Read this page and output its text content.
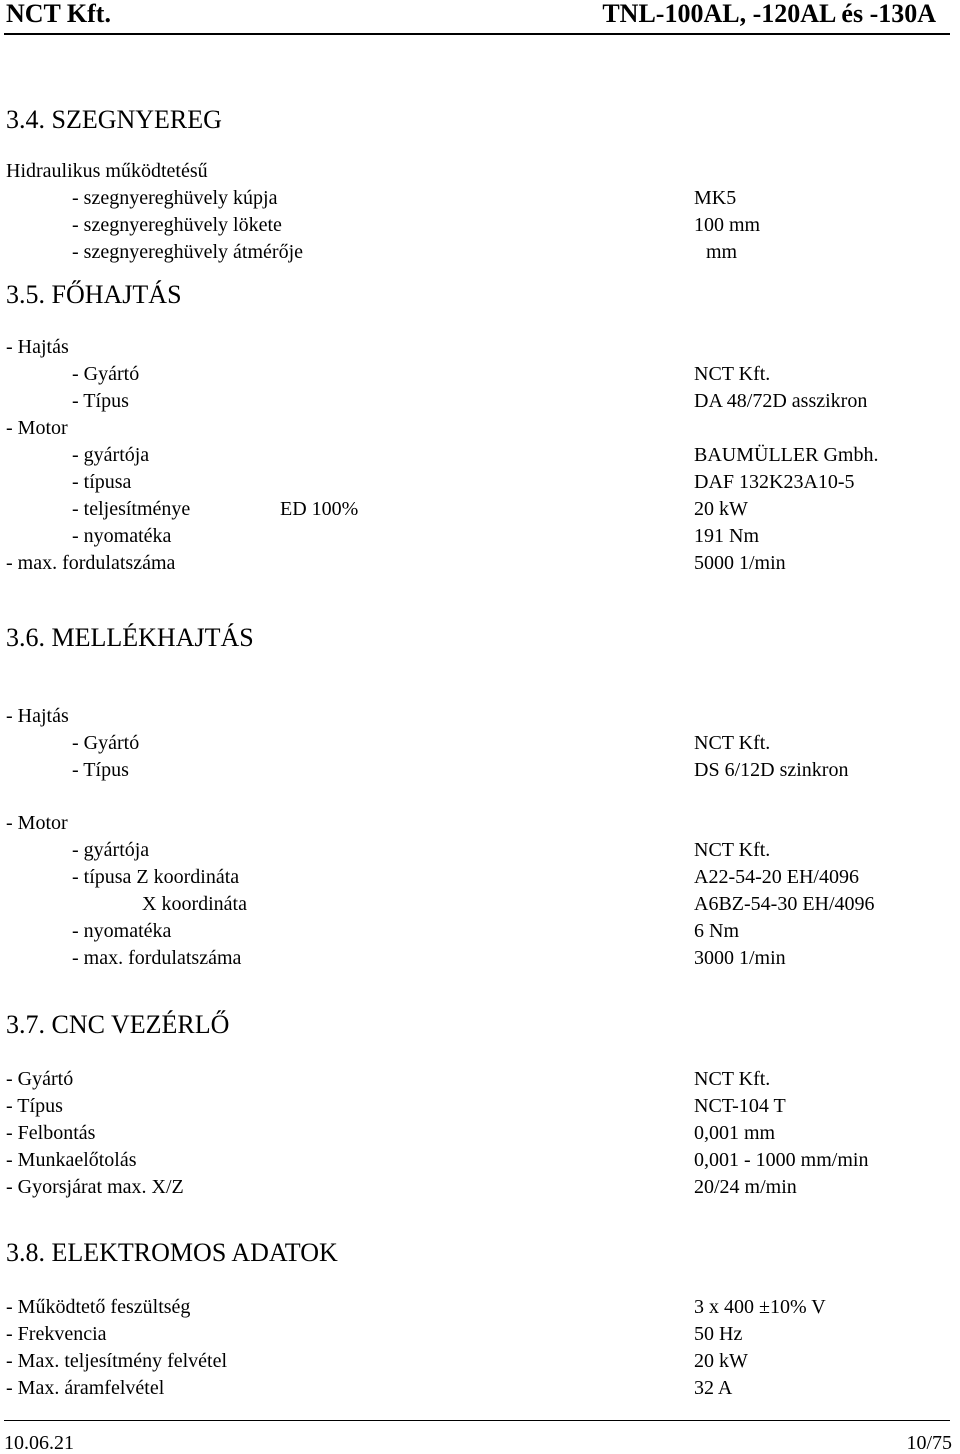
NCT Kft.	TNL-100AL, -120AL és -130A
3.4. SZEGNYEREG
Hidraulikus működtetésű
- szegnyereghüvely kúpja	MK5
- szegnyereghüvely lökete	100 mm
- szegnyereghüvely átmérője	mm
3.5. FŐHAJTÁS
- Hajtás
- Gyártó	NCT Kft.
- Típus	DA 48/72D asszikron
- Motor
- gyártója	BAUMÜLLER Gmbh.
- típusa	DAF 132K23A10-5
- teljesítménye	ED 100%	20 kW
- nyomatéka	191 Nm
- max. fordulatszáma	5000 1/min
3.6. MELLÉKHAJTÁS
- Hajtás
- Gyártó	NCT Kft.
- Típus	DS 6/12D szinkron
- Motor
- gyártója	NCT Kft.
- típusa Z koordináta	A22-54-20 EH/4096
X koordináta	A6BZ-54-30 EH/4096
- nyomatéka	6 Nm
- max. fordulatszáma	3000 1/min
3.7. CNC VEZÉRLŐ
- Gyártó	NCT Kft.
- Típus	NCT-104 T
- Felbontás	0,001 mm
- Munkaelőtolás	0,001 - 1000 mm/min
- Gyorsjárat max. X/Z	20/24 m/min
3.8. ELEKTROMOS ADATOK
- Működtető feszültség	3 x 400 ±10% V
- Frekvencia	50 Hz
- Max. teljesítmény felvétel	20 kW
- Max. áramfelvétel	32 A
10.06.21	10/75
